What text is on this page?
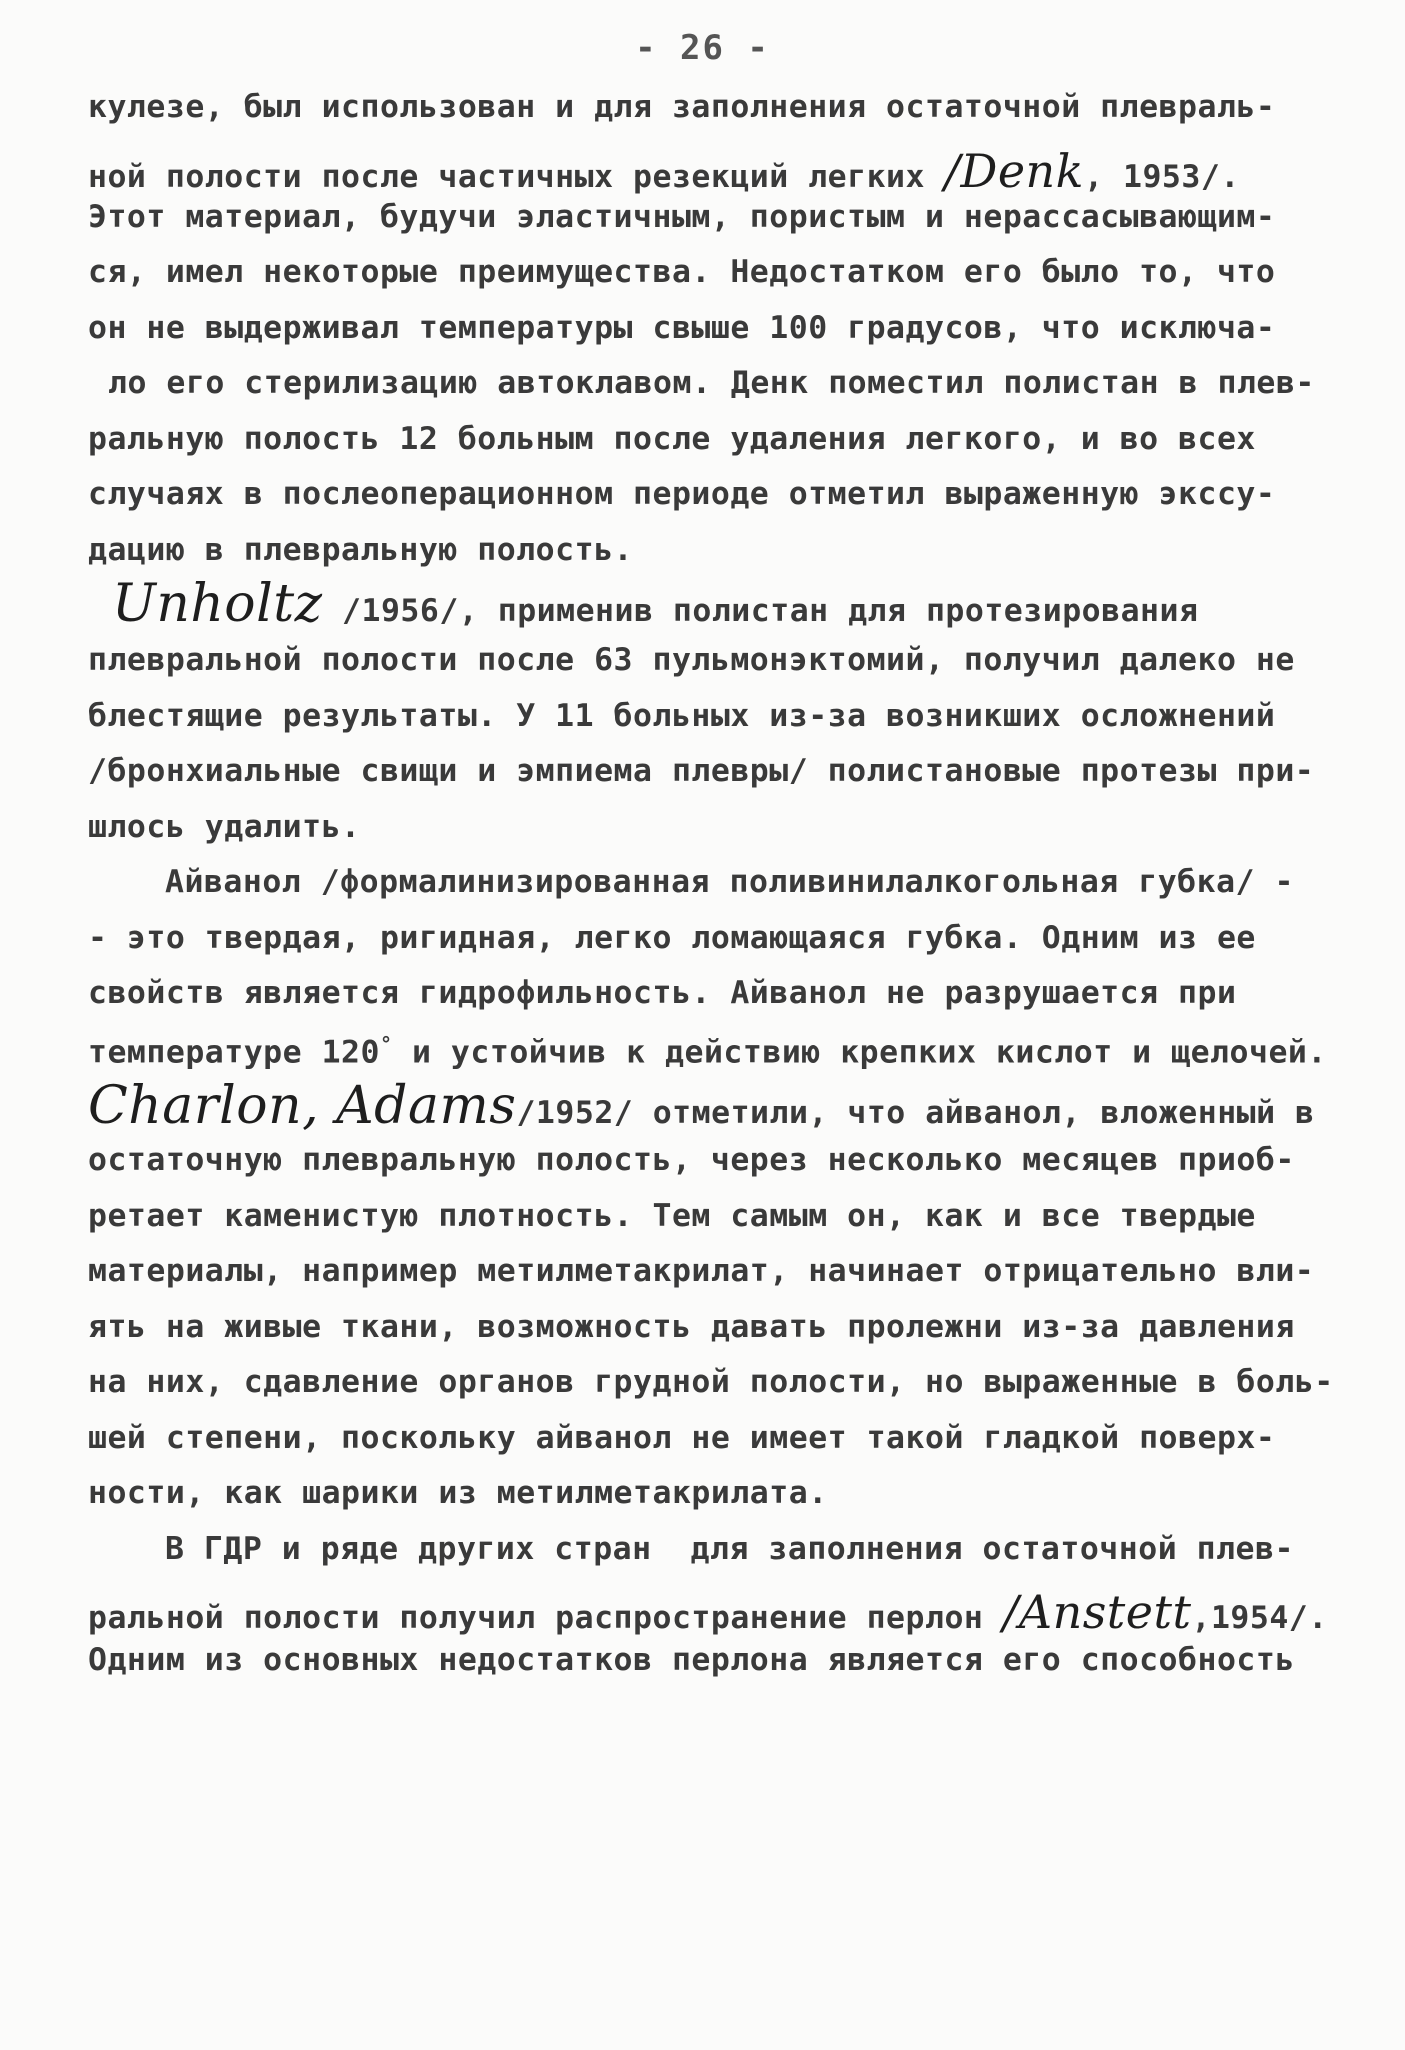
- 26 -
кулезе, был использован и для заполнения остаточной плевраль-
ной полости после частичных резекций легких /Denk, 1953/.
Этот материал, будучи эластичным, пористым и нерассасывающим-
ся, имел некоторые преимущества. Недостатком его было то, что
он не выдерживал температуры свыше 100 градусов, что исключа-
ло его стерилизацию автоклавом. Денк поместил полистан в плев-
ральную полость 12 больным после удаления легкого, и во всех
случаях в послеоперационном периоде отметил выраженную экссу-
дацию в плевральную полость.
Unholtz /1956/, применив полистан для протезирования
плевральной полости после 63 пульмонэктомий, получил далеко не
блестящие результаты. У 11 больных из-за возникших осложнений
/бронхиальные свищи и эмпиема плевры/ полистановые протезы при-
шлось удалить.
Айванол /формалинизированная поливинилалкогольная губка/ -
- это твердая, ригидная, легко ломающаяся губка. Одним из ее
свойств является гидрофильность. Айванол не разрушается при
температуре 120° и устойчив к действию крепких кислот и щелочей.
Charlon, Adams/1952/ отметили, что айванол, вложенный в
остаточную плевральную полость, через несколько месяцев приоб-
ретает каменистую плотность. Тем самым он, как и все твердые
материалы, например метилметакрилат, начинает отрицательно вли-
ять на живые ткани, возможность давать пролежни из-за давления
на них, сдавление органов грудной полости, но выраженные в боль-
шей степени, поскольку айванол не имеет такой гладкой поверх-
ности, как шарики из метилметакрилата.
В ГДР и ряде других стран  для заполнения остаточной плев-
ральной полости получил распространение перлон /Anstett,1954/.
Одним из основных недостатков перлона является его способность
